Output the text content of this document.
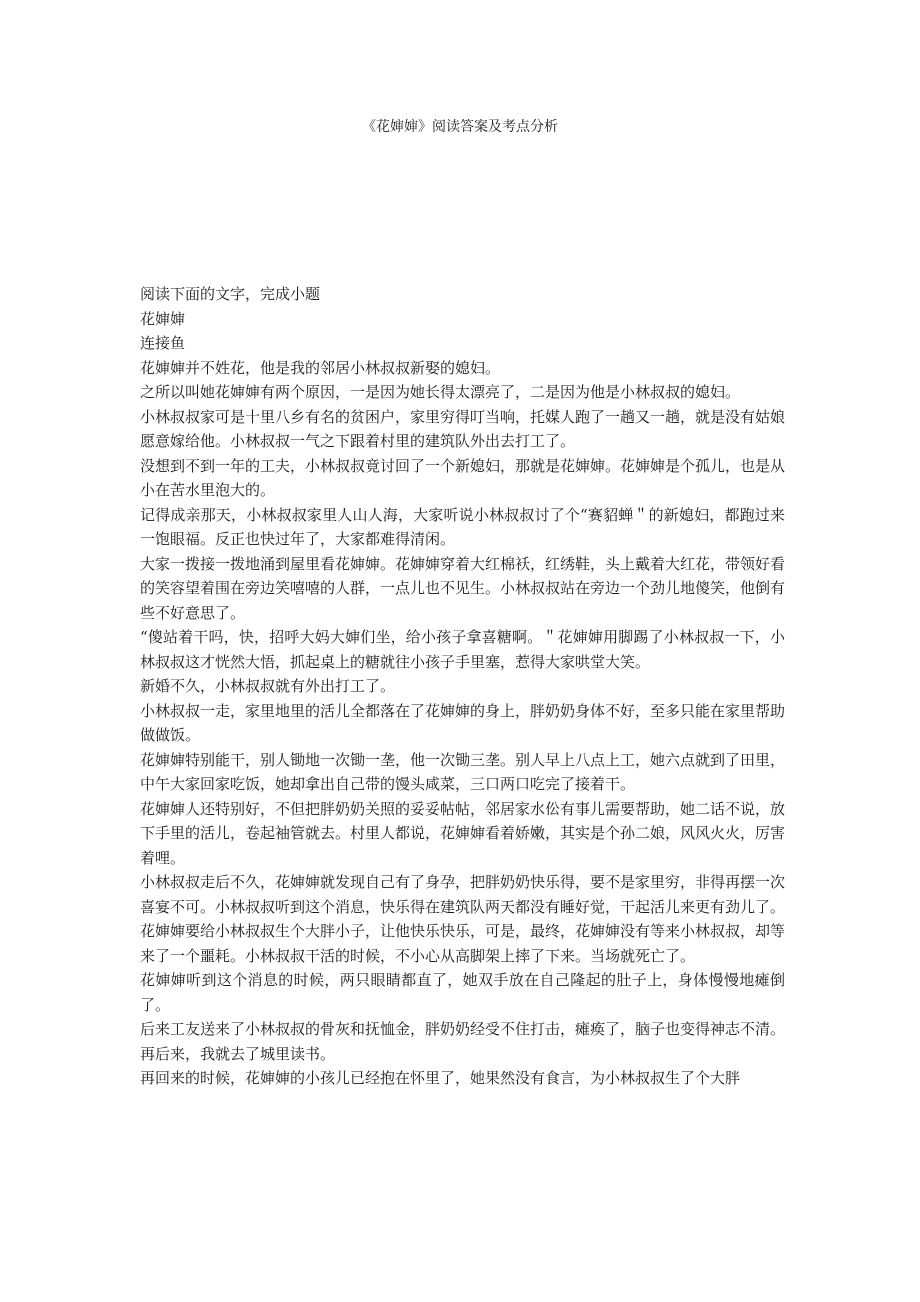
《花婶婶》阅读答案及考点分析

阅读下面的文字，完成小题

花婶婶

连接鱼

花婶婶并不姓花，他是我的邻居小林叔叔新娶的媳妇。

之所以叫她花婶婶有两个原因，一是因为她长得太漂亮了，二是因为他是小林叔叔的媳妇。

小林叔叔家可是十里八乡有名的贫困户，家里穷得叮当响，托媒人跑了一趟又一趟，就是没有姑娘愿意嫁给他。小林叔叔一气之下跟着村里的建筑队外出去打工了。

没想到不到一年的工夫，小林叔叔竟讨回了一个新媳妇，那就是花婶婶。花婶婶是个孤儿，也是从小在苦水里泡大的。

记得成亲那天，小林叔叔家里人山人海，大家听说小林叔叔讨了个“赛貂蝉＂的新媳妇，都跑过来一饱眼福。反正也快过年了，大家都难得清闲。

大家一拨接一拨地涌到屋里看花婶婶。花婶婶穿着大红棉袄，红绣鞋，头上戴着大红花，带领好看的笑容望着围在旁边笑嘻嘻的人群，一点儿也不见生。小林叔叔站在旁边一个劲儿地傻笑，他倒有些不好意思了。

“傻站着干吗，快，招呼大妈大婶们坐，给小孩子拿喜糖啊。＂花婶婶用脚踢了小林叔叔一下，小林叔叔这才恍然大悟，抓起桌上的糖就往小孩子手里塞，惹得大家哄堂大笑。

新婚不久，小林叔叔就有外出打工了。

小林叔叔一走，家里地里的活儿全都落在了花婶婶的身上，胖奶奶身体不好，至多只能在家里帮助做做饭。

花婶婶特别能干，别人锄地一次锄一垄，他一次锄三垄。别人早上八点上工，她六点就到了田里，中午大家回家吃饭，她却拿出自己带的馒头咸菜，三口两口吃完了接着干。

花婶婶人还特别好，不但把胖奶奶关照的妥妥帖帖，邻居家水伀有事儿需要帮助，她二话不说，放下手里的活儿，卷起袖管就去。村里人都说，花婶婶看着娇嫩，其实是个孙二娘，风风火火，厉害着哩。

小林叔叔走后不久，花婶婶就发现自己有了身孕，把胖奶奶快乐得，要不是家里穷，非得再摆一次喜宴不可。小林叔叔听到这个消息，快乐得在建筑队两天都没有睡好觉，干起活儿来更有劲儿了。

花婶婶要给小林叔叔生个大胖小子，让他快乐快乐，可是，最终，花婶婶没有等来小林叔叔，却等来了一个噩耗。小林叔叔干活的时候，不小心从高脚架上摔了下来。当场就死亡了。

花婶婶听到这个消息的时候，两只眼睛都直了，她双手放在自己隆起的肚子上，身体慢慢地瘫倒了。

后来工友送来了小林叔叔的骨灰和抚恤金，胖奶奶经受不住打击，瘫痪了，脑子也变得神志不清。

再后来，我就去了城里读书。

再回来的时候，花婶婶的小孩儿已经抱在怀里了，她果然没有食言，为小林叔叔生了个大胖
